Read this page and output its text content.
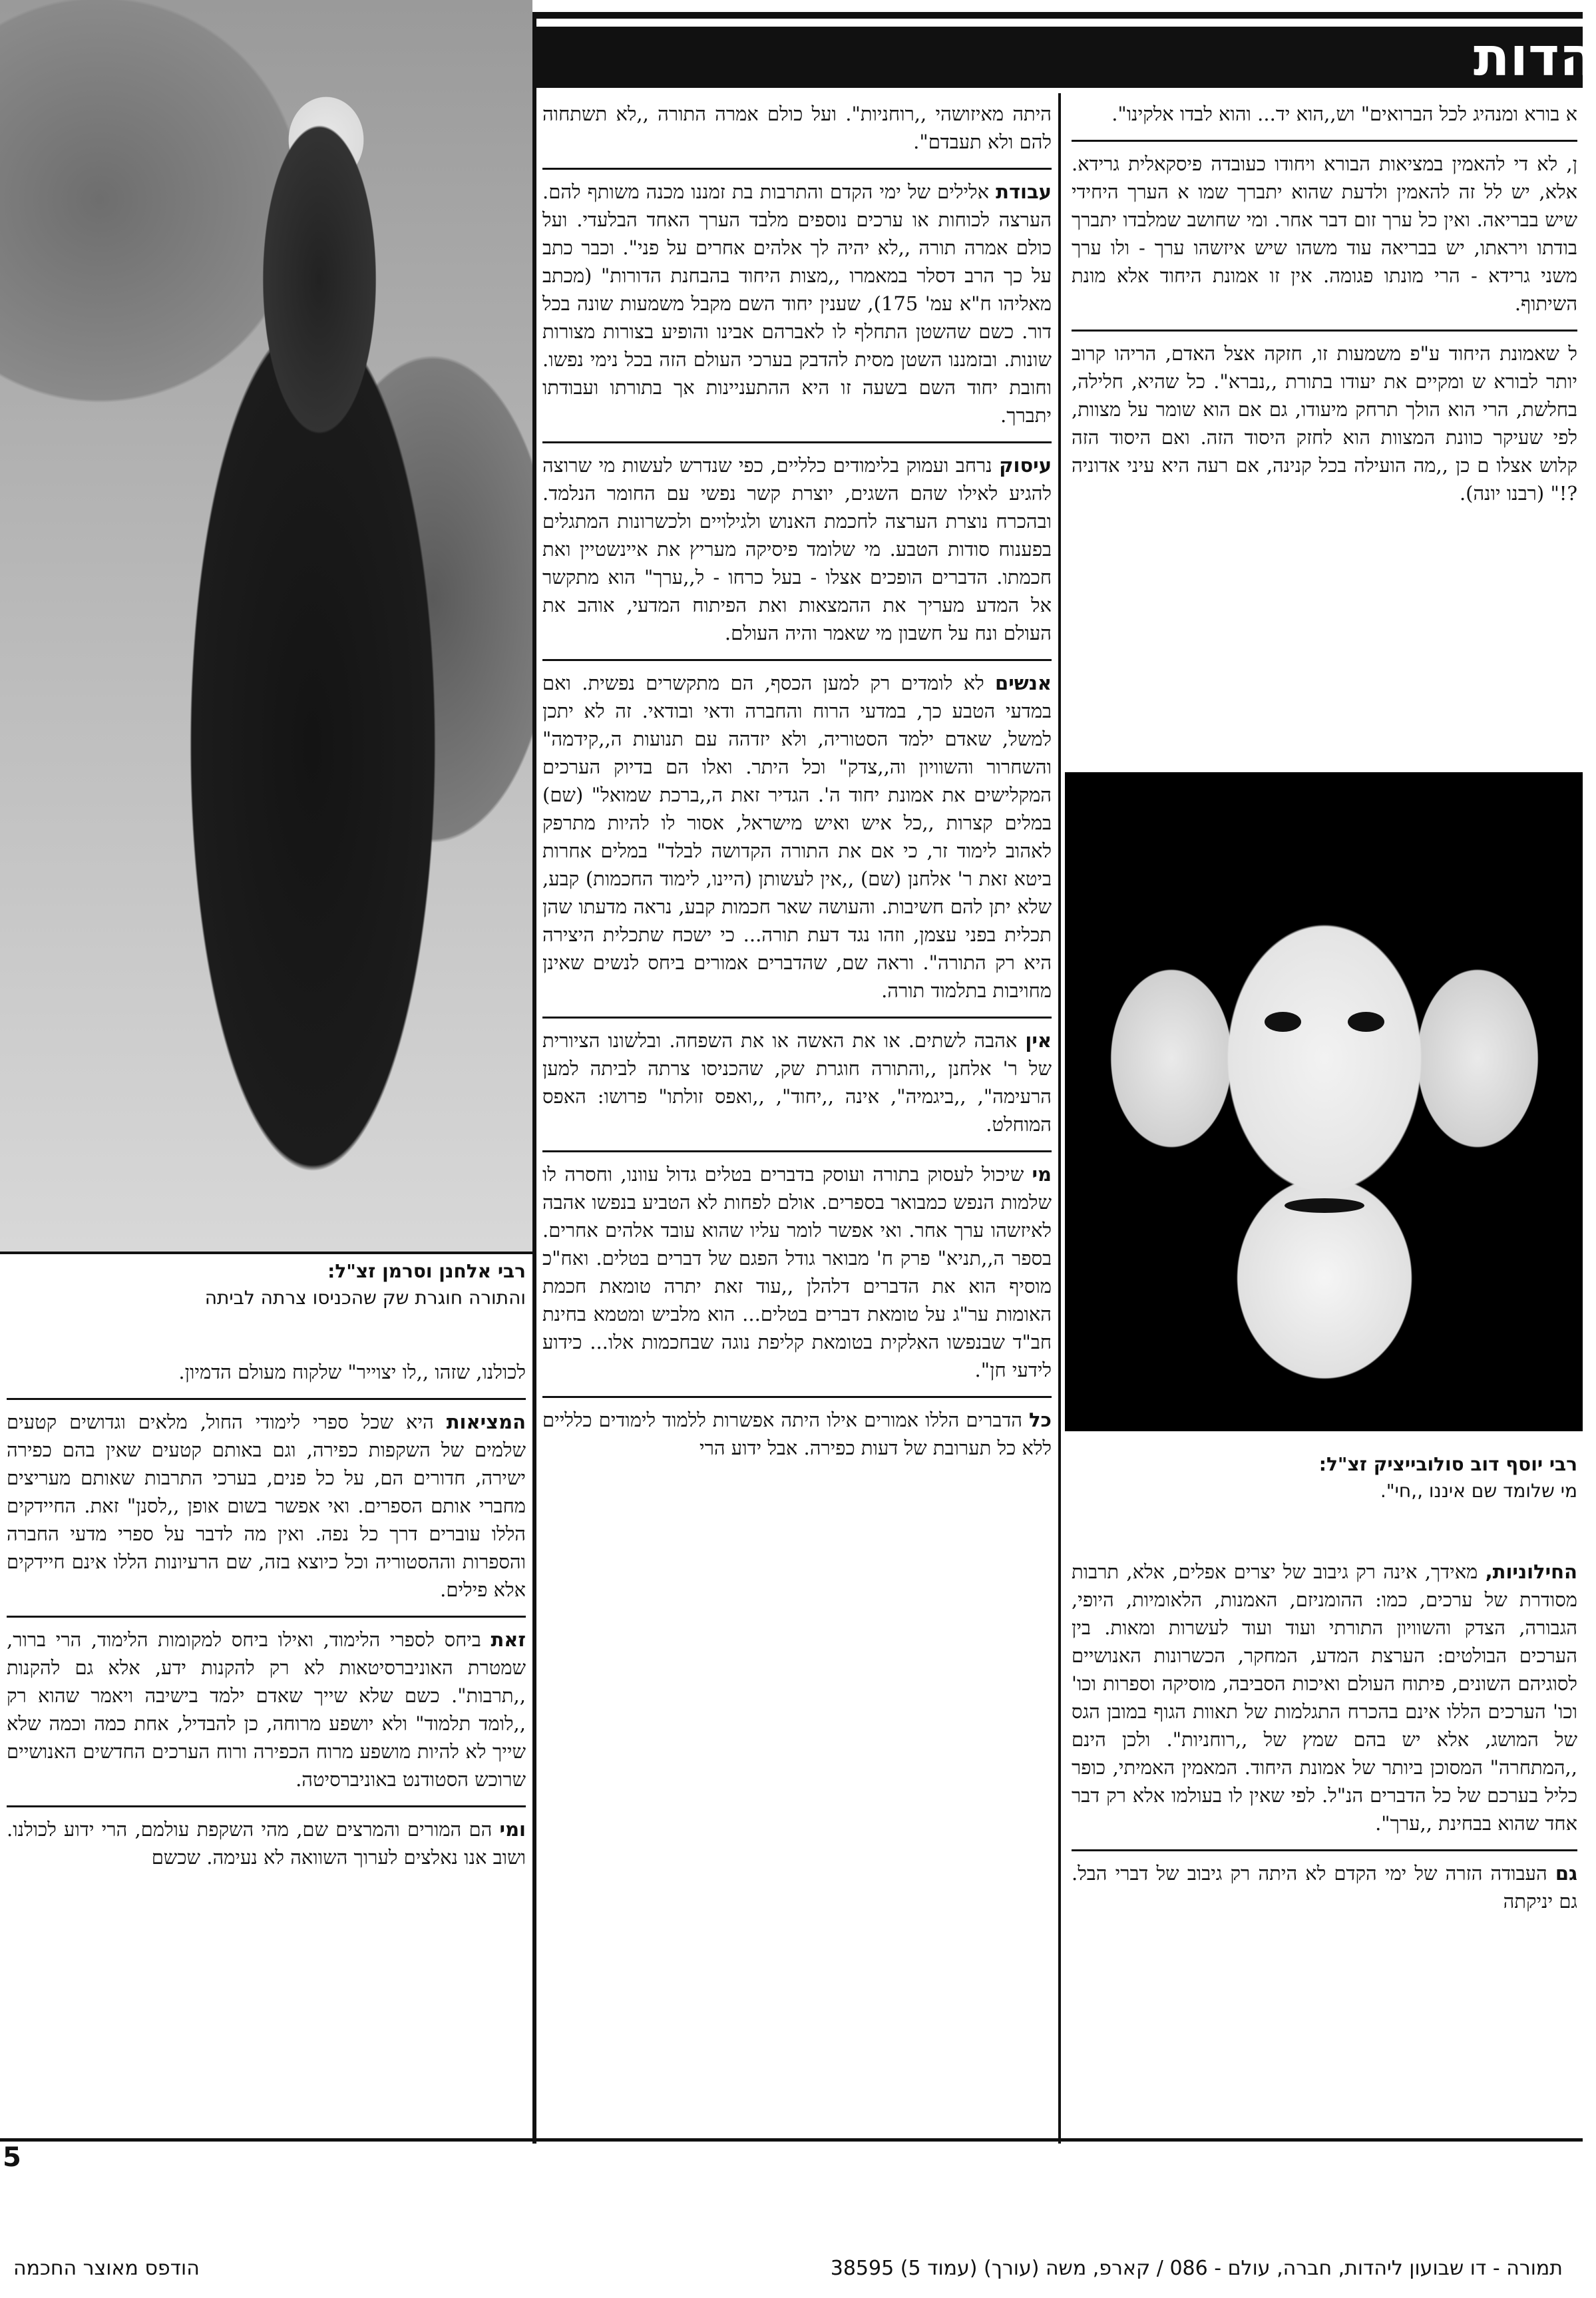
הדות
רבי אלחנן וסרמן זצ"ל:
והתורה חוגרת שק שהכניסו צרתה לביתה
רבי יוסף דוב סולובייציק זצ"ל:
מי שלומד שם איננו ,,חי".

א בורא ומנהיג לכל הברואים" וש,,הוא יד... והוא לבדו אלקינו".

ן, לא די להאמין במציאות הבורא ויחודו כעובדה פיסקאלית גרידא. אלא, יש לל זה להאמין ולדעת שהוא יתברך שמו א הערך היחידי שיש בבריאה. ואין כל ערך זום דבר אחר. ומי שחושב שמלבדו יתברך בודתו ויראתו, יש בבריאה עוד משהו שיש איזשהו ערך - ולו ערך משני גרידא - הרי מונתו פגומה. אין זו אמונת היחוד אלא מונת השיתוף.

ל שאמונת היחוד ע"פ משמעות זו, חזקה אצל האדם, הריהו קרוב יותר לבורא ש ומקיים את יעודו בתורת ,,נברא". כל שהיא, חלילה, בחלשת, הרי הוא הולך תרחק מיעודו, גם אם הוא שומר על מצוות, לפי שעיקר כוונת המצוות הוא לחזק היסוד הזה. ואם היסוד הזה קלוש אצלו ם כן ,,מה הועילה בכל קנינה, אם רעה היא עיני אדוניה ?!" (רבנו יונה).

החילוניות, מאידך, אינה רק גיבוב של יצרים אפלים, אלא, תרבות מסודרת של ערכים, כמו: ההומניזם, האמנות, הלאומיות, היופי, הגבורה, הצדק והשוויון התורתי ועוד ועוד לעשרות ומאות. בין הערכים הבולטים: הערצת המדע, המחקר, הכשרונות האנושיים לסוגיהם השונים, פיתוח העולם ואיכות הסביבה, מוסיקה וספרות וכו' וכו' הערכים הללו אינם בהכרח התגלמות של תאוות הגוף במובן הגס של המושג, אלא יש בהם שמץ של ,,רוחניות". ולכן הינם ,,המתחרה" המסוכן ביותר של אמונת היחוד. המאמין האמיתי, כופר כליל בערכם של כל הדברים הנ"ל. לפי שאין לו בעולמו אלא רק דבר אחד שהוא בבחינת ,,ערך".

גם העבודה הזרה של ימי הקדם לא היתה רק גיבוב של דברי הבל. גם יניקתה

היתה מאיזושהי ,,רוחניות". ועל כולם אמרה התורה ,,לא תשתחוה להם ולא תעבדם".

עבודת אלילים של ימי הקדם והתרבות בת זמננו מכנה משותף להם. הערצה לכוחות או ערכים נוספים מלבד הערך האחד הבלעדי. ועל כולם אמרה תורה ,,לא יהיה לך אלהים אחרים על פני". וכבר כתב על כך הרב דסלר במאמרו ,,מצות היחוד בהבחנת הדורות" (מכתב מאליהו ח"א עמ' 175), שענין יחוד השם מקבל משמעות שונה בכל דור. כשם שהשטן התחלף לו לאברהם אבינו והופיע בצורות מצורות שונות. ובזמננו השטן מסית להדבק בערכי העולם הזה בכל נימי נפשו. וחובת יחוד השם בשעה זו היא ההתעניינות אך בתורתו ועבודתו יתברך.

עיסוק נרחב ועמוק בלימודים כלליים, כפי שנדרש לעשות מי שרוצה להגיע לאילו שהם השגים, יוצרת קשר נפשי עם החומר הנלמד. ובהכרח נוצרת הערצה לחכמת האנוש ולגילויים ולכשרונות המתגלים בפענוח סודות הטבע. מי שלומד פיסיקה מעריץ את איינשטיין ואת חכמתו. הדברים הופכים אצלו - בעל כרחו - ל,,ערך" הוא מתקשר אל המדע מעריך את ההמצאות ואת הפיתוח המדעי, אוהב את העולם ונח על חשבון מי שאמר והיה העולם.

אנשים לא לומדים רק למען הכסף, הם מתקשרים נפשית. ואם במדעי הטבע כך, במדעי הרוח והחברה ודאי ובודאי. זה לא יתכן למשל, שאדם ילמד הסטוריה, ולא יזדהה עם תנועות ה,,קידמה" והשחרור והשוויון וה,,צדק" וכל היתר. ואלו הם בדיוק הערכים המקלישים את אמונת יחוד ה'. הגדיר זאת ה,,ברכת שמואל" (שם) במלים קצרות ,,כל איש ואיש מישראל, אסור לו להיות מתרפק לאהוב לימוד זר, כי אם את התורה הקדושה לבלד" במלים אחרות ביטא זאת ר' אלחנן (שם) ,,אין לעשותן (היינו, לימוד החכמות) קבע, שלא יתן להם חשיבות. והעושה שאר חכמות קבע, נראה מדעתו שהן תכלית בפני עצמן, וזהו נגד דעת תורה... כי ישכח שתכלית היצירה היא רק התורה". וראה שם, שהדברים אמורים ביחס לנשים שאינן מחויבות בתלמוד תורה.

אין אהבה לשתים. או את האשה או את השפחה. ובלשונו הציורית של ר' אלחנן ,,והתורה חוגרת שק, שהכניסו צרתה לביתה למען הרעימה", ,,ביגמיה", אינה ,,יחוד", ,,ואפס זולתו" פרושו: האפס המוחלט.

מי שיכול לעסוק בתורה ועוסק בדברים בטלים גדול עוונו, וחסרה לו שלמות הנפש כמבואר בספרים. אולם לפחות לא הטביע בנפשו אהבה לאיזשהו ערך אחר. ואי אפשר לומר עליו שהוא עובד אלהים אחרים. בספר ה,,תניא" פרק ח' מבואר גודל הפגם של דברים בטלים. ואח"כ מוסיף הוא את הדברים דלהלן ,,עוד זאת יתרה טומאת חכמת האומות ער"ג על טומאת דברים בטלים... הוא מלביש ומטמא בחינת חב"ד שבנפשו האלקית בטומאת קליפת נוגה שבחכמות אלו... כידוע לידעי חן".

כל הדברים הללו אמורים אילו היתה אפשרות ללמוד לימודים כלליים ללא כל תערובת של דעות כפירה. אבל ידוע הרי

לכולנו, שזהו ,,לו יצוייר" שלקוח מעולם הדמיון.

המציאות היא שכל ספרי לימודי החול, מלאים וגדושים קטעים שלמים של השקפות כפירה, וגם באותם קטעים שאין בהם כפירה ישירה, חדורים הם, על כל פנים, בערכי התרבות שאותם מעריצים מחברי אותם הספרים. ואי אפשר בשום אופן ,,לסנן" זאת. החיידקים הללו עוברים דרך כל נפה. ואין מה לדבר על ספרי מדעי החברה והספרות וההסטוריה וכל כיוצא בזה, שם הרעיונות הללו אינם חיידקים אלא פילים.

זאת ביחס לספרי הלימוד, ואילו ביחס למקומות הלימוד, הרי ברור, שמטרת האוניברסיטאות לא רק להקנות ידע, אלא גם להקנות ,,תרבות". כשם שלא שייך שאדם ילמד בישיבה ויאמר שהוא רק ,,לומד תלמוד" ולא יושפע מרוחה, כן להבדיל, אחת כמה וכמה שלא שייך לא להיות מושפע מרוח הכפירה ורוח הערכים החדשים האנושיים שרוכש הסטודנט באוניברסיטה.

ומי הם המורים והמרצים שם, מהי השקפת עולמם, הרי ידוע לכולנו. ושוב אנו נאלצים לערוך השוואה לא נעימה. שכשם

5
תמורה - דו שבועון ליהדות, חברה, עולם - 086 / קארפ, משה (עורך) (עמוד 5) 38595
הודפס מאוצר החכמה
